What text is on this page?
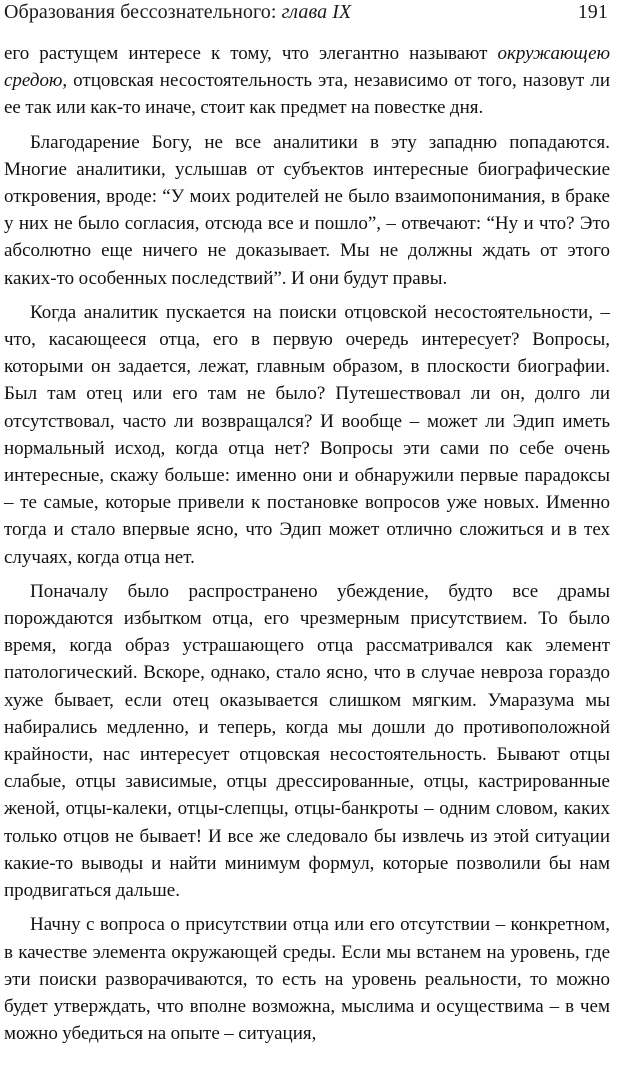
Образования бессознательного: глава IX	191

его растущем интересе к тому, что элегантно называют окружающею средою, отцовская несостоятельность эта, независимо от того, назовут ли ее так или как-то иначе, стоит как предмет на повестке дня.

Благодарение Богу, не все аналитики в эту западню попадаются. Многие аналитики, услышав от субъектов интересные биографические откровения, вроде: “У моих родителей не было взаимопонимания, в браке у них не было согласия, отсюда все и пошло”, – отвечают: “Ну и что? Это абсолютно еще ничего не доказывает. Мы не должны ждать от этого каких-то особенных последствий”. И они будут правы.

Когда аналитик пускается на поиски отцовской несостоятельности, – что, касающееся отца, его в первую очередь интересует? Вопросы, которыми он задается, лежат, главным образом, в плоскости биографии. Был там отец или его там не было? Путешествовал ли он, долго ли отсутствовал, часто ли возвращался? И вообще – может ли Эдип иметь нормальный исход, когда отца нет? Вопросы эти сами по себе очень интересные, скажу больше: именно они и обнаружили первые парадоксы – те самые, которые привели к постановке вопросов уже новых. Именно тогда и стало впервые ясно, что Эдип может отлично сложиться и в тех случаях, когда отца нет.

Поначалу было распространено убеждение, будто все драмы порождаются избытком отца, его чрезмерным присутствием. То было время, когда образ устрашающего отца рассматривался как элемент патологический. Вскоре, однако, стало ясно, что в случае невроза гораздо хуже бывает, если отец оказывается слишком мягким. Умаразума мы набирались медленно, и теперь, когда мы дошли до противоположной крайности, нас интересует отцовская несостоятельность. Бывают отцы слабые, отцы зависимые, отцы дрессированные, отцы, кастрированные женой, отцы-калеки, отцы-слепцы, отцы-банкроты – одним словом, каких только отцов не бывает! И все же следовало бы извлечь из этой ситуации какие-то выводы и найти минимум формул, которые позволили бы нам продвигаться дальше.

Начну с вопроса о присутствии отца или его отсутствии – конкретном, в качестве элемента окружающей среды. Если мы встанем на уровень, где эти поиски разворачиваются, то есть на уровень реальности, то можно будет утверждать, что вполне возможна, мыслима и осуществима – в чем можно убедиться на опыте – ситуация,
